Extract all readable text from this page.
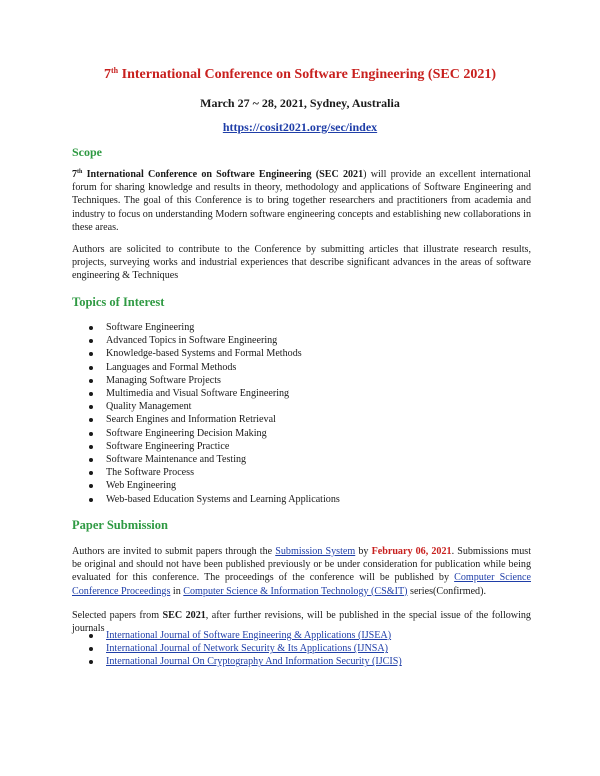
7th International Conference on Software Engineering (SEC 2021)
March 27 ~ 28, 2021, Sydney, Australia
https://cosit2021.org/sec/index
Scope

7th International Conference on Software Engineering (SEC 2021) will provide an excellent international forum for sharing knowledge and results in theory, methodology and applications of Software Engineering and Techniques. The goal of this Conference is to bring together researchers and practitioners from academia and industry to focus on understanding Modern software engineering concepts and establishing new collaborations in these areas.

Authors are solicited to contribute to the Conference by submitting articles that illustrate research results, projects, surveying works and industrial experiences that describe significant advances in the areas of software engineering & Techniques

Topics of Interest
Software Engineering
Advanced Topics in Software Engineering
Knowledge-based Systems and Formal Methods
Languages and Formal Methods
Managing Software Projects
Multimedia and Visual Software Engineering
Quality Management
Search Engines and Information Retrieval
Software Engineering Decision Making
Software Engineering Practice
Software Maintenance and Testing
The Software Process
Web Engineering
Web-based Education Systems and Learning Applications
Paper Submission

Authors are invited to submit papers through the Submission System by February 06, 2021. Submissions must be original and should not have been published previously or be under consideration for publication while being evaluated for this conference. The proceedings of the conference will be published by Computer Science Conference Proceedings in Computer Science & Information Technology (CS&IT) series(Confirmed).

Selected papers from SEC 2021, after further revisions, will be published in the special issue of the following journals

International Journal of Software Engineering & Applications (IJSEA)
International Journal of Network Security & Its Applications (IJNSA)
International Journal On Cryptography And Information Security (IJCIS)
